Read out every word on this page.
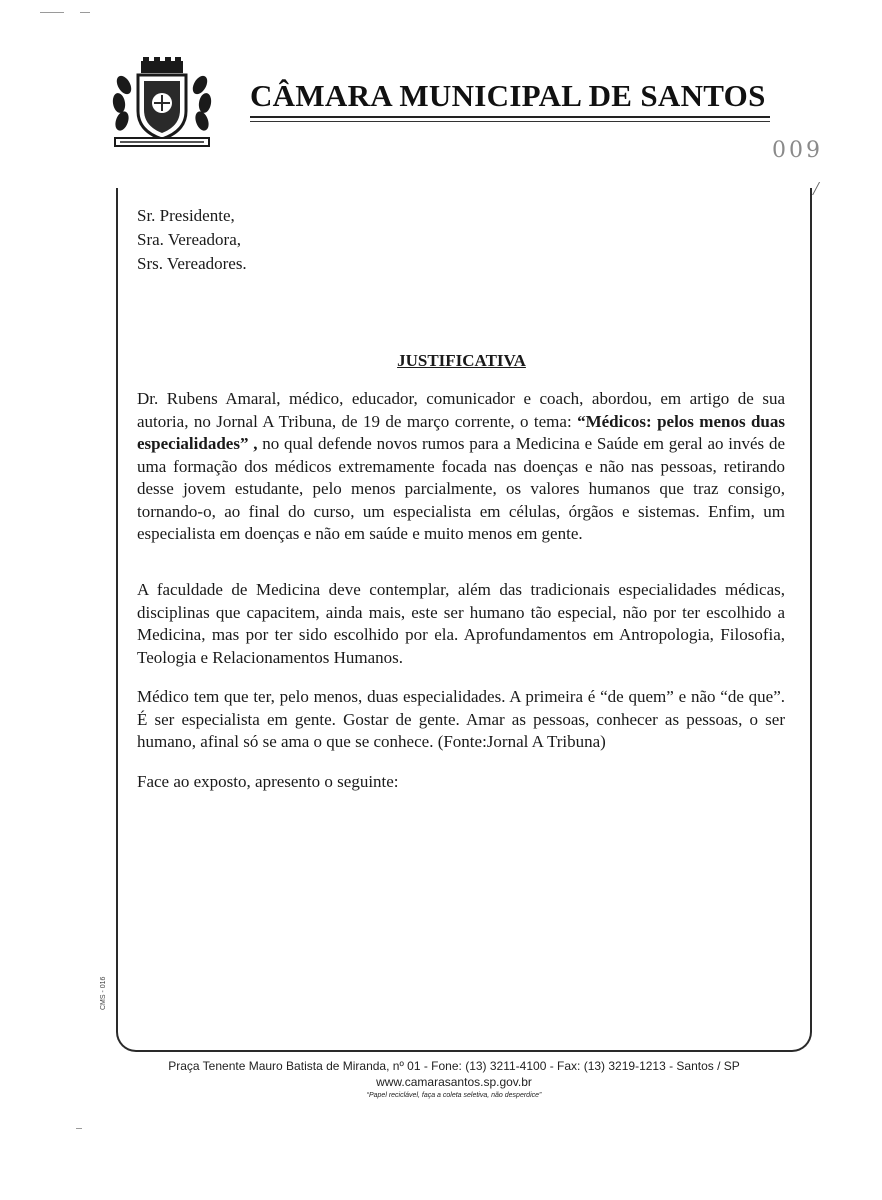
CÂMARA MUNICIPAL DE SANTOS
009
/
CMS - 016
Sr. Presidente,
Sra. Vereadora,
Srs. Vereadores.
JUSTIFICATIVA
Dr. Rubens Amaral, médico, educador, comunicador e coach, abordou, em artigo de sua autoria, no Jornal A Tribuna, de 19 de março corrente, o tema: “Médicos: pelos menos duas especialidades” , no qual defende novos rumos para a Medicina e Saúde em geral ao invés de uma formação dos médicos extremamente focada nas doenças e não nas pessoas, retirando desse jovem estudante, pelo menos parcialmente, os valores humanos que traz consigo, tornando-o, ao final do curso, um especialista em células, órgãos e sistemas. Enfim, um especialista em doenças e não em saúde e muito menos em gente.
A faculdade de Medicina deve contemplar, além das tradicionais especialidades médicas, disciplinas que capacitem, ainda mais, este ser humano tão especial, não por ter escolhido a Medicina, mas por ter sido escolhido por ela. Aprofundamentos em Antropologia, Filosofia, Teologia e Relacionamentos Humanos.
Médico tem que ter, pelo menos, duas especialidades. A primeira é “de quem” e não “de que”. É ser especialista em gente. Gostar de gente. Amar as pessoas, conhecer as pessoas, o ser humano, afinal só se ama o que se conhece. (Fonte:Jornal A Tribuna)
Face ao exposto, apresento o seguinte:
Praça Tenente Mauro Batista de Miranda, nº 01 - Fone: (13) 3211-4100 - Fax: (13) 3219-1213 - Santos / SP
www.camarasantos.sp.gov.br
“Papel reciclável, faça a coleta seletiva, não desperdice”
